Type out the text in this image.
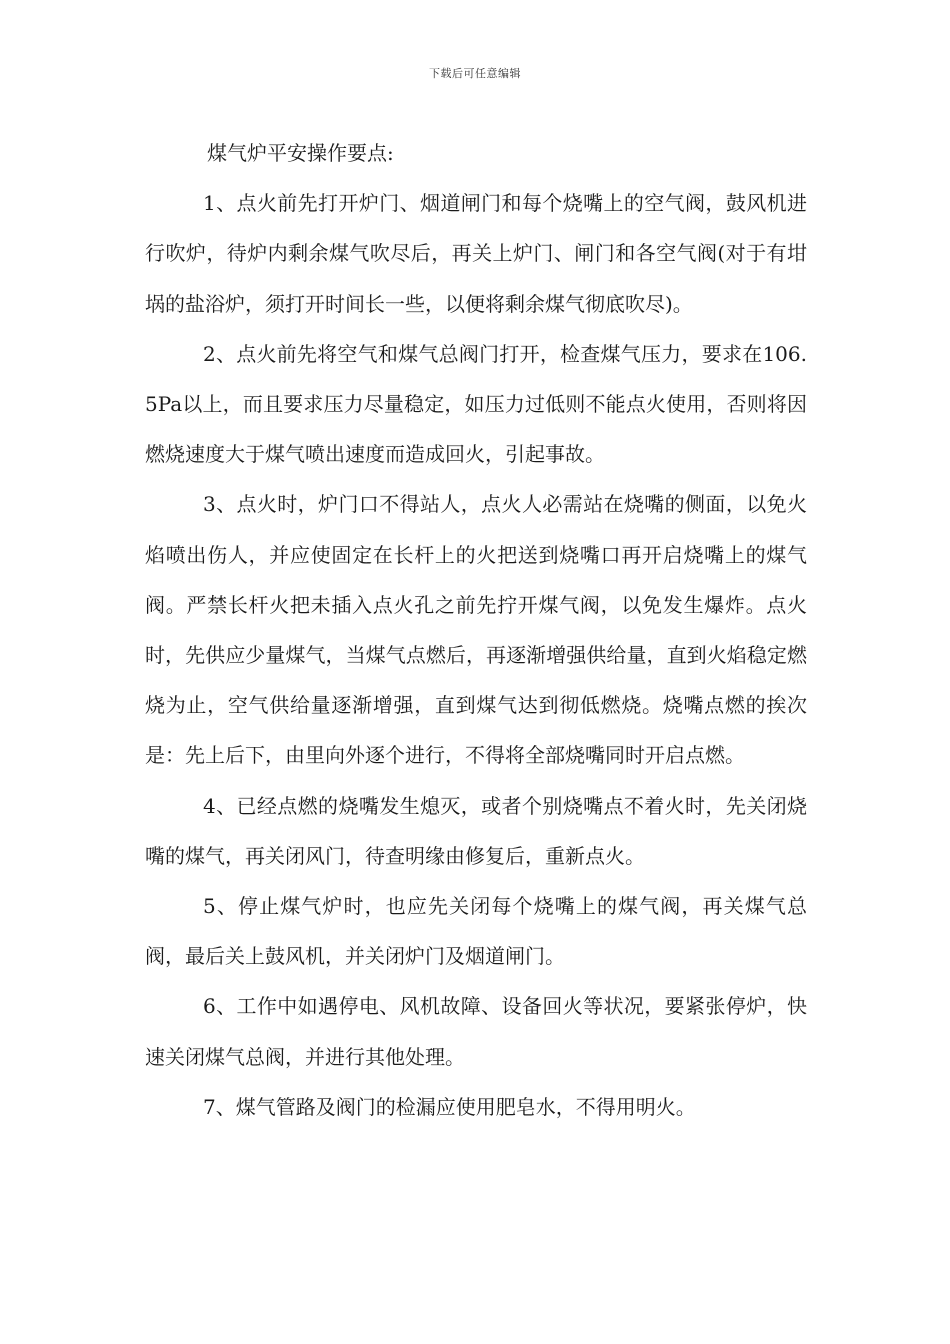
下载后可任意编辑

煤气炉平安操作要点:

1、点火前先打开炉门、烟道闸门和每个烧嘴上的空气阀，鼓风机进行吹炉，待炉内剩余煤气吹尽后，再关上炉门、闸门和各空气阀(对于有坩埚的盐浴炉，须打开时间长一些，以便将剩余煤气彻底吹尽)。

2、点火前先将空气和煤气总阀门打开，检查煤气压力，要求在106.5Pa以上，而且要求压力尽量稳定，如压力过低则不能点火使用，否则将因燃烧速度大于煤气喷出速度而造成回火，引起事故。

3、点火时，炉门口不得站人，点火人必需站在烧嘴的侧面，以免火焰喷出伤人，并应使固定在长杆上的火把送到烧嘴口再开启烧嘴上的煤气阀。严禁长杆火把未插入点火孔之前先拧开煤气阀，以免发生爆炸。点火时，先供应少量煤气，当煤气点燃后，再逐渐增强供给量，直到火焰稳定燃烧为止，空气供给量逐渐增强，直到煤气达到彻低燃烧。烧嘴点燃的挨次是：先上后下，由里向外逐个进行，不得将全部烧嘴同时开启点燃。

4、已经点燃的烧嘴发生熄灭，或者个别烧嘴点不着火时，先关闭烧嘴的煤气，再关闭风门，待查明缘由修复后，重新点火。

5、停止煤气炉时，也应先关闭每个烧嘴上的煤气阀，再关煤气总阀，最后关上鼓风机，并关闭炉门及烟道闸门。

6、工作中如遇停电、风机故障、设备回火等状况，要紧张停炉，快速关闭煤气总阀，并进行其他处理。

7、煤气管路及阀门的检漏应使用肥皂水，不得用明火。
